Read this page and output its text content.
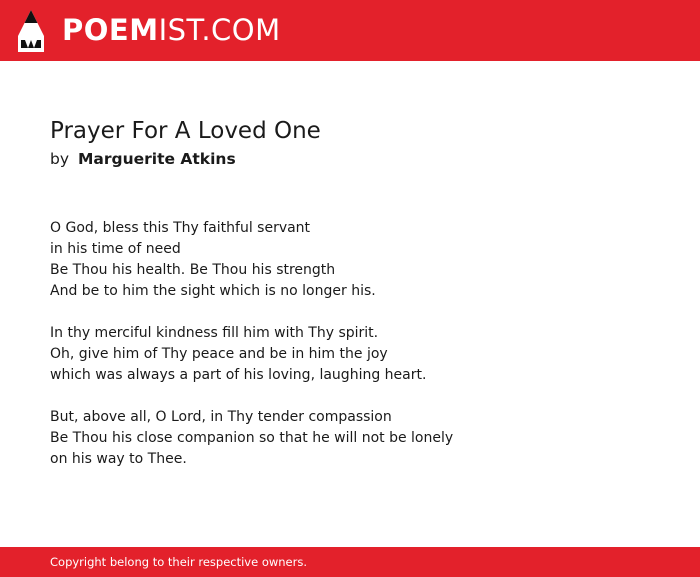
POEMIST.COM
Prayer For A Loved One
by Marguerite Atkins
O God, bless this Thy faithful servant
in his time of need
Be Thou his health. Be Thou his strength
And be to him the sight which is no longer his.
In thy merciful kindness fill him with Thy spirit.
Oh, give him of Thy peace and be in him the joy
which was always a part of his loving, laughing heart.
But, above all, O Lord, in Thy tender compassion
Be Thou his close companion so that he will not be lonely
on his way to Thee.
Copyright belong to their respective owners.
